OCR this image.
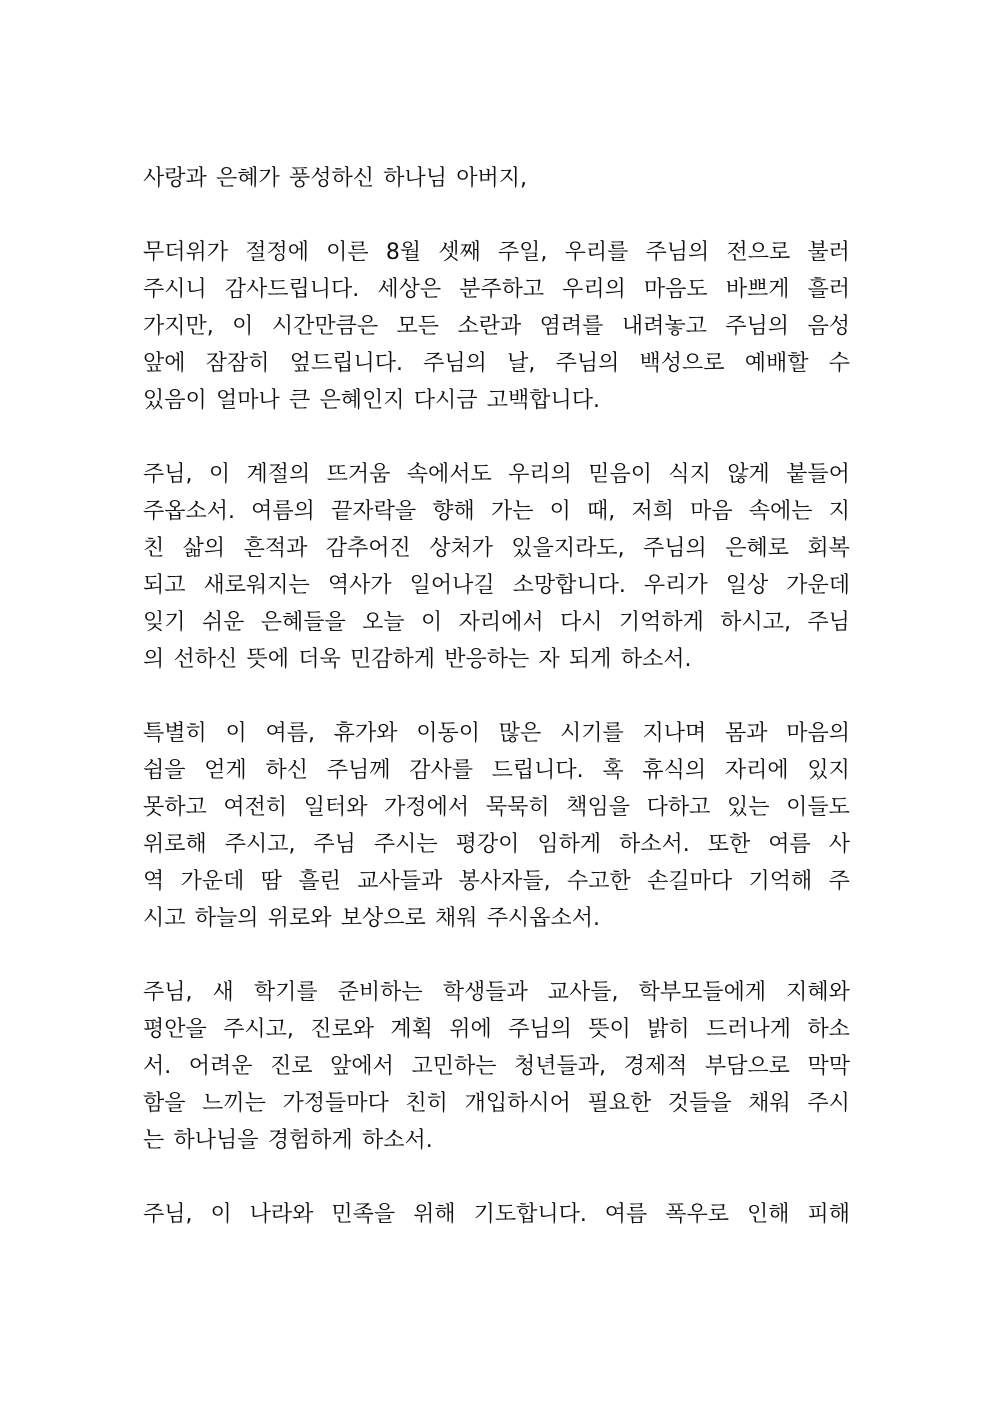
사랑과 은혜가 풍성하신 하나님 아버지,
무더위가 절정에 이른 8월 셋째 주일, 우리를 주님의 전으로 불러
주시니 감사드립니다. 세상은 분주하고 우리의 마음도 바쁘게 흘러
가지만, 이 시간만큼은 모든 소란과 염려를 내려놓고 주님의 음성
앞에 잠잠히 엎드립니다. 주님의 날, 주님의 백성으로 예배할 수
있음이 얼마나 큰 은혜인지 다시금 고백합니다.
주님, 이 계절의 뜨거움 속에서도 우리의 믿음이 식지 않게 붙들어
주옵소서. 여름의 끝자락을 향해 가는 이 때, 저희 마음 속에는 지
친 삶의 흔적과 감추어진 상처가 있을지라도, 주님의 은혜로 회복
되고 새로워지는 역사가 일어나길 소망합니다. 우리가 일상 가운데
잊기 쉬운 은혜들을 오늘 이 자리에서 다시 기억하게 하시고, 주님
의 선하신 뜻에 더욱 민감하게 반응하는 자 되게 하소서.
특별히 이 여름, 휴가와 이동이 많은 시기를 지나며 몸과 마음의
쉼을 얻게 하신 주님께 감사를 드립니다. 혹 휴식의 자리에 있지
못하고 여전히 일터와 가정에서 묵묵히 책임을 다하고 있는 이들도
위로해 주시고, 주님 주시는 평강이 임하게 하소서. 또한 여름 사
역 가운데 땀 흘린 교사들과 봉사자들, 수고한 손길마다 기억해 주
시고 하늘의 위로와 보상으로 채워 주시옵소서.
주님, 새 학기를 준비하는 학생들과 교사들, 학부모들에게 지혜와
평안을 주시고, 진로와 계획 위에 주님의 뜻이 밝히 드러나게 하소
서. 어려운 진로 앞에서 고민하는 청년들과, 경제적 부담으로 막막
함을 느끼는 가정들마다 친히 개입하시어 필요한 것들을 채워 주시
는 하나님을 경험하게 하소서.
주님, 이 나라와 민족을 위해 기도합니다. 여름 폭우로 인해 피해
